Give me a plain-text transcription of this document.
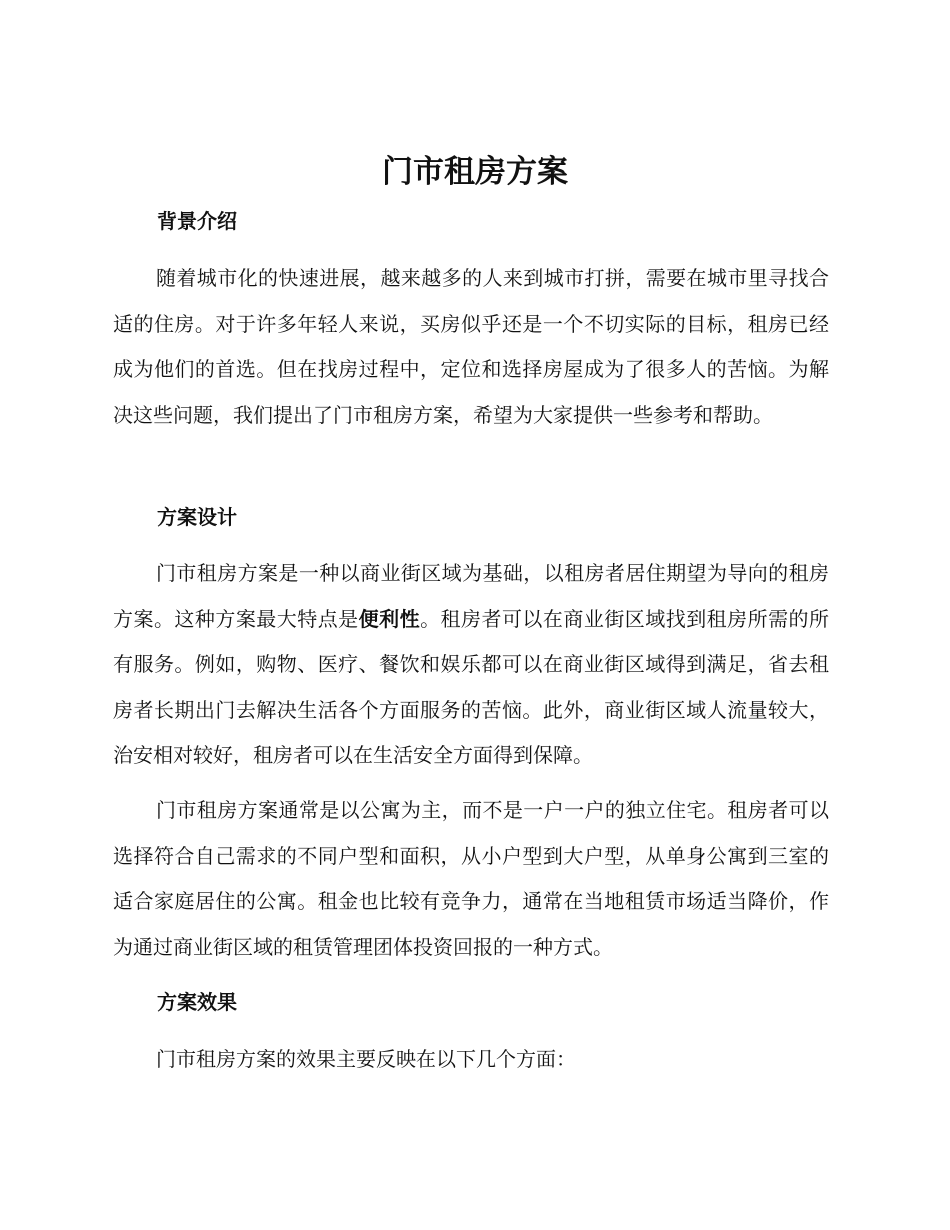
门市租房方案
背景介绍

随着城市化的快速进展，越来越多的人来到城市打拼，需要在城市里寻找合适的住房。对于许多年轻人来说，买房似乎还是一个不切实际的目标，租房已经成为他们的首选。但在找房过程中，定位和选择房屋成为了很多人的苦恼。为解决这些问题，我们提出了门市租房方案，希望为大家提供一些参考和帮助。

方案设计

门市租房方案是一种以商业街区域为基础，以租房者居住期望为导向的租房方案。这种方案最大特点是便利性。租房者可以在商业街区域找到租房所需的所有服务。例如，购物、医疗、餐饮和娱乐都可以在商业街区域得到满足，省去租房者长期出门去解决生活各个方面服务的苦恼。此外，商业街区域人流量较大，治安相对较好，租房者可以在生活安全方面得到保障。

门市租房方案通常是以公寓为主，而不是一户一户的独立住宅。租房者可以选择符合自己需求的不同户型和面积，从小户型到大户型，从单身公寓到三室的适合家庭居住的公寓。租金也比较有竞争力，通常在当地租赁市场适当降价，作为通过商业街区域的租赁管理团体投资回报的一种方式。

方案效果

门市租房方案的效果主要反映在以下几个方面：
